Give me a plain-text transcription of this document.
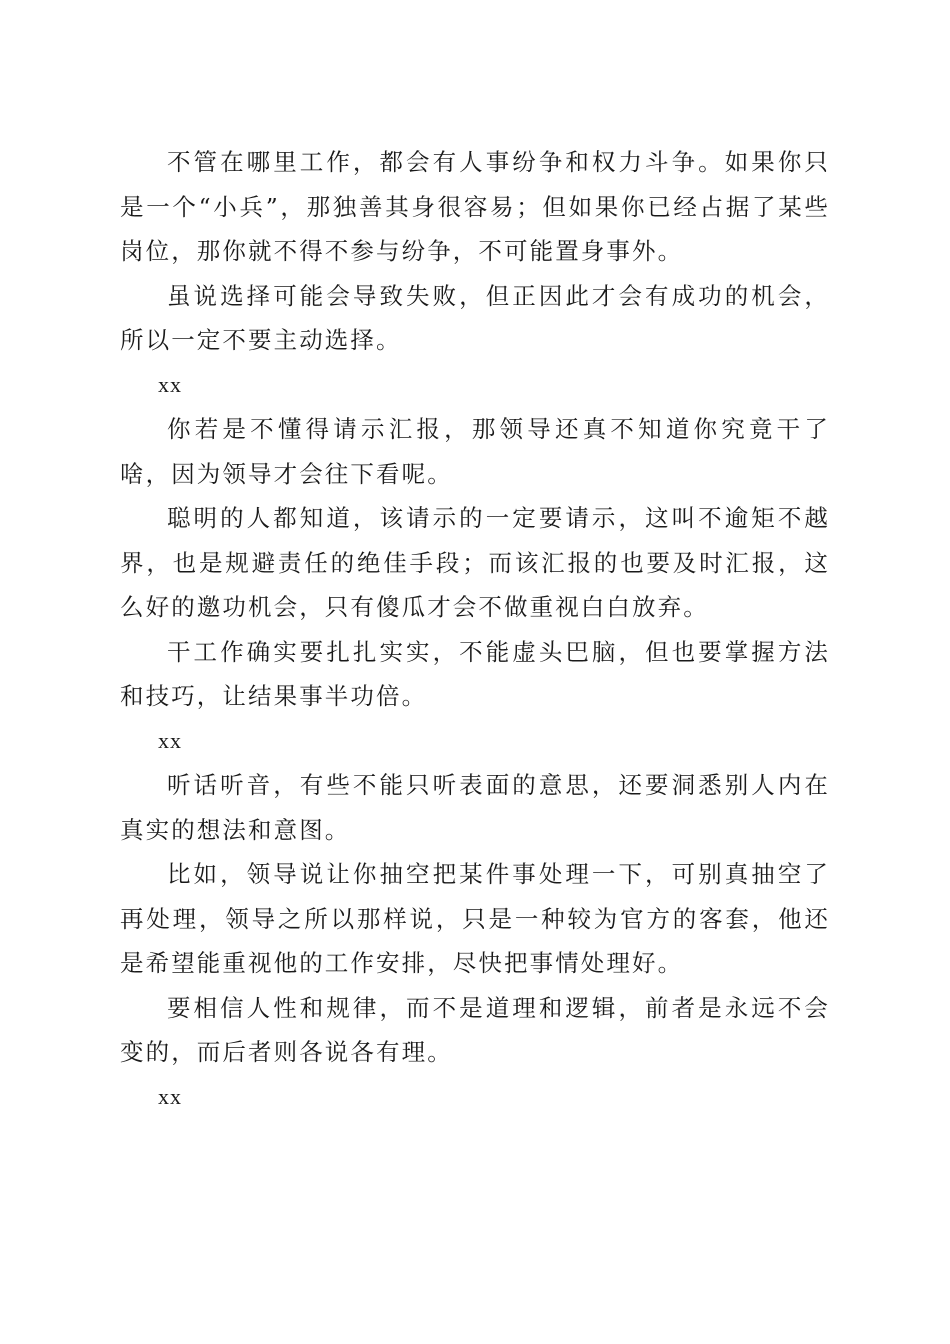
不管在哪里工作，都会有人事纷争和权力斗争。如果你只是一个“小兵”，那独善其身很容易；但如果你已经占据了某些岗位，那你就不得不参与纷争，不可能置身事外。

虽说选择可能会导致失败，但正因此才会有成功的机会，所以一定不要主动选择。

xx

你若是不懂得请示汇报，那领导还真不知道你究竟干了啥，因为领导才会往下看呢。

聪明的人都知道，该请示的一定要请示，这叫不逾矩不越界，也是规避责任的绝佳手段；而该汇报的也要及时汇报，这么好的邀功机会，只有傻瓜才会不做重视白白放弃。

干工作确实要扎扎实实，不能虚头巴脑，但也要掌握方法和技巧，让结果事半功倍。

xx

听话听音，有些不能只听表面的意思，还要洞悉别人内在真实的想法和意图。

比如，领导说让你抽空把某件事处理一下，可别真抽空了再处理，领导之所以那样说，只是一种较为官方的客套，他还是希望能重视他的工作安排，尽快把事情处理好。

要相信人性和规律，而不是道理和逻辑，前者是永远不会变的，而后者则各说各有理。

xx
